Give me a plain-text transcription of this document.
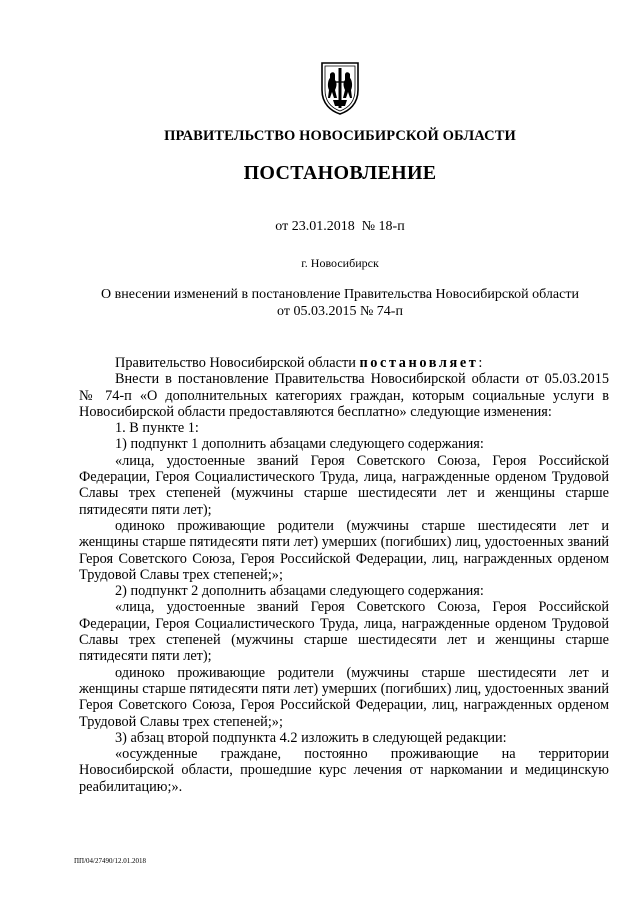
ПРАВИТЕЛЬСТВО НОВОСИБИРСКОЙ ОБЛАСТИ
ПОСТАНОВЛЕНИЕ
от 23.01.2018  № 18-п
г. Новосибирск
О внесении изменений в постановление Правительства Новосибирской области
от 05.03.2015 № 74-п

Правительство Новосибирской области постановляет:

Внести в постановление Правительства Новосибирской области от 05.03.2015 № 74-п «О дополнительных категориях граждан, которым социальные услуги в Новосибирской области предоставляются бесплатно» следующие изменения:

1. В пункте 1:

1) подпункт 1 дополнить абзацами следующего содержания:

«лица, удостоенные званий Героя Советского Союза, Героя Российской Федерации, Героя Социалистического Труда, лица, награжденные орденом Трудовой Славы трех степеней (мужчины старше шестидесяти лет и женщины старше пятидесяти пяти лет);

одиноко проживающие родители (мужчины старше шестидесяти лет и женщины старше пятидесяти пяти лет) умерших (погибших) лиц, удостоенных званий Героя Советского Союза, Героя Российской Федерации, лиц, награжденных орденом Трудовой Славы трех степеней;»;

2) подпункт 2 дополнить абзацами следующего содержания:

«лица, удостоенные званий Героя Советского Союза, Героя Российской Федерации, Героя Социалистического Труда, лица, награжденные орденом Трудовой Славы трех степеней (мужчины старше шестидесяти лет и женщины старше пятидесяти пяти лет);

одиноко проживающие родители (мужчины старше шестидесяти лет и женщины старше пятидесяти пяти лет) умерших (погибших) лиц, удостоенных званий Героя Советского Союза, Героя Российской Федерации, лиц, награжденных орденом Трудовой Славы трех степеней;»;

3) абзац второй подпункта 4.2 изложить в следующей редакции:

«осужденные граждане, постоянно проживающие на территории Новосибирской области, прошедшие курс лечения от наркомании и медицинскую реабилитацию;».

ПП/04/27490/12.01.2018
